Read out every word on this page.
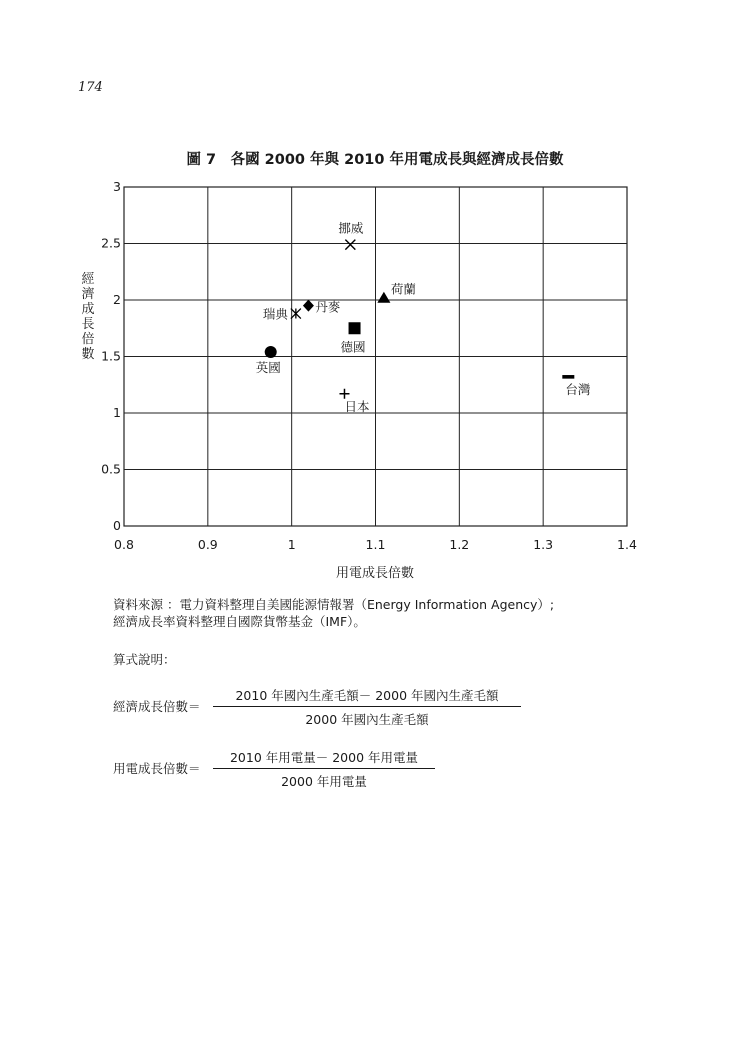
174
圖 7　各國 2000 年與 2010 年用電成長與經濟成長倍數
0.8	0.9	1	1.1	1.2	1.3	1.4
0
0.5
1
1.5
2
2.5
3
挪威
荷蘭
丹麥
瑞典
德國
英國
日本
台灣
經
濟
成
長
倍
數
用電成長倍數
資料來源 ：電力資料整理自美國能源情報署（Energy Information Agency）;
經濟成長率資料整理自國際貨幣基金（IMF）。
算式說明：
經濟成長倍數＝
2010 年國內生產毛額－ 2000 年國內生產毛額
2000 年國內生產毛額
用電成長倍數＝
2010 年用電量－ 2000 年用電量
2000 年用電量
